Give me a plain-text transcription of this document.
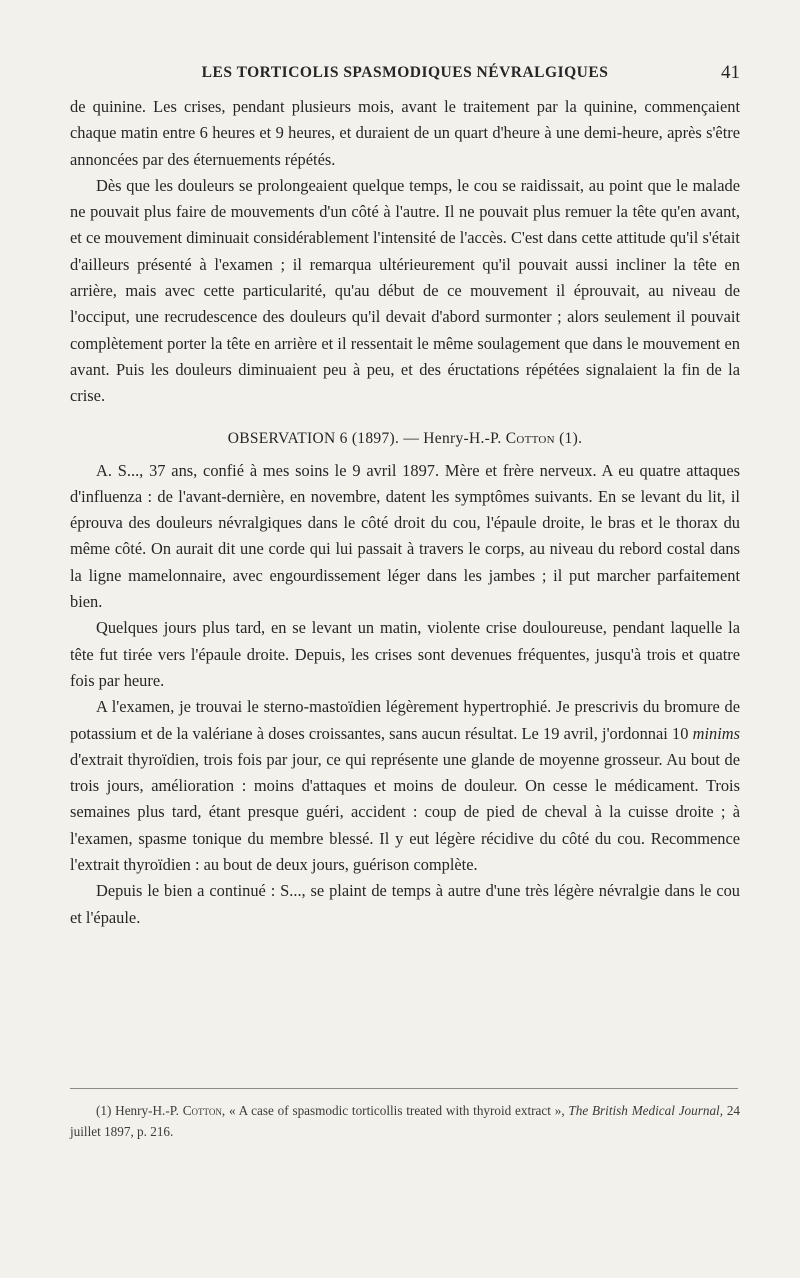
LES TORTICOLIS SPASMODIQUES NÉVRALGIQUES	41

de quinine. Les crises, pendant plusieurs mois, avant le traitement par la quinine, commençaient chaque matin entre 6 heures et 9 heures, et duraient de un quart d'heure à une demi-heure, après s'être annoncées par des éternuements répétés.

Dès que les douleurs se prolongeaient quelque temps, le cou se raidissait, au point que le malade ne pouvait plus faire de mouvements d'un côté à l'autre. Il ne pouvait plus remuer la tête qu'en avant, et ce mouvement diminuait considérablement l'intensité de l'accès. C'est dans cette attitude qu'il s'était d'ailleurs présenté à l'examen ; il remarqua ultérieurement qu'il pouvait aussi incliner la tête en arrière, mais avec cette particularité, qu'au début de ce mouvement il éprouvait, au niveau de l'occiput, une recrudescence des douleurs qu'il devait d'abord surmonter ; alors seulement il pouvait complètement porter la tête en arrière et il ressentait le même soulagement que dans le mouvement en avant. Puis les douleurs diminuaient peu à peu, et des éructations répétées signalaient la fin de la crise.

OBSERVATION 6 (1897). — Henry-H.-P. Cotton (1).

A. S..., 37 ans, confié à mes soins le 9 avril 1897. Mère et frère nerveux. A eu quatre attaques d'influenza : de l'avant-dernière, en novembre, datent les symptômes suivants. En se levant du lit, il éprouva des douleurs névralgiques dans le côté droit du cou, l'épaule droite, le bras et le thorax du même côté. On aurait dit une corde qui lui passait à travers le corps, au niveau du rebord costal dans la ligne mamelonnaire, avec engourdissement léger dans les jambes ; il put marcher parfaitement bien.

Quelques jours plus tard, en se levant un matin, violente crise douloureuse, pendant laquelle la tête fut tirée vers l'épaule droite. Depuis, les crises sont devenues fréquentes, jusqu'à trois et quatre fois par heure.

A l'examen, je trouvai le sterno-mastoïdien légèrement hypertrophié. Je prescrivis du bromure de potassium et de la valériane à doses croissantes, sans aucun résultat. Le 19 avril, j'ordonnai 10 minims d'extrait thyroïdien, trois fois par jour, ce qui représente une glande de moyenne grosseur. Au bout de trois jours, amélioration : moins d'attaques et moins de douleur. On cesse le médicament. Trois semaines plus tard, étant presque guéri, accident : coup de pied de cheval à la cuisse droite ; à l'examen, spasme tonique du membre blessé. Il y eut légère récidive du côté du cou. Recommence l'extrait thyroïdien : au bout de deux jours, guérison complète.

Depuis le bien a continué : S..., se plaint de temps à autre d'une très légère névralgie dans le cou et l'épaule.

(1) Henry-H.-P. Cotton, « A case of spasmodic torticollis treated with thyroid extract », The British Medical Journal, 24 juillet 1897, p. 216.
